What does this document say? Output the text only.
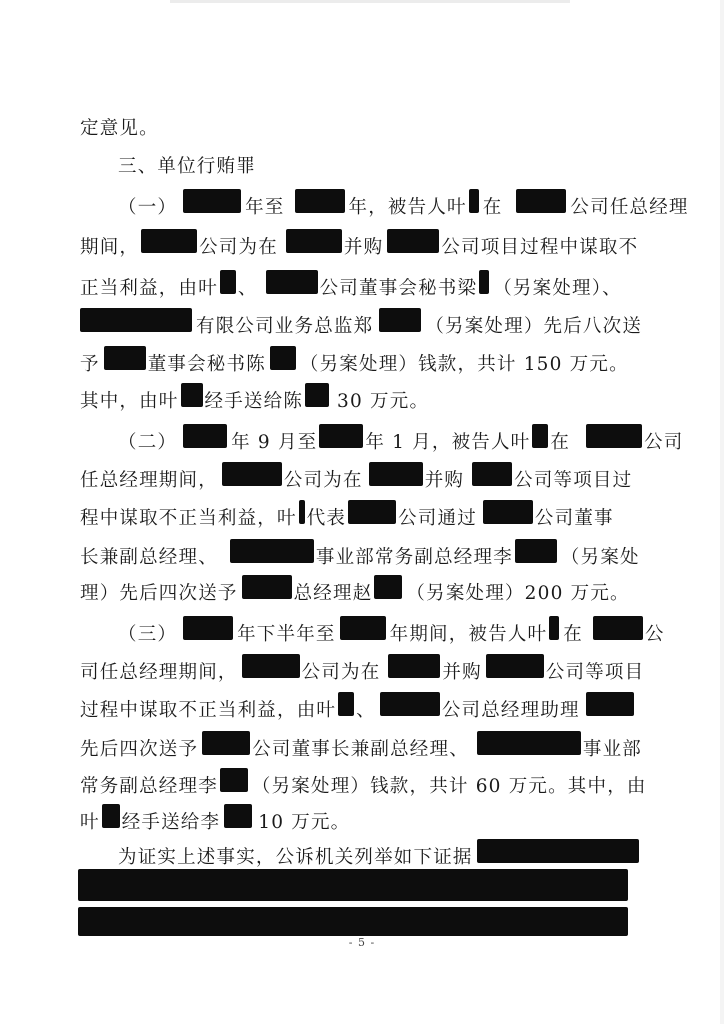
定意见。
三、单位行贿罪
（一）	年至	年，被告人叶 在	公司任总经理
期间，	公司为在	并购	公司项目过程中谋取不
正当利益，由叶 、	公司董事会秘书梁 （另案处理）、
有限公司业务总监郑	（另案处理）先后八次送
予	董事会秘书陈 （另案处理）钱款，共计 150 万元。
其中，由叶 经手送给陈 30 万元。
（二）	年 9 月至	年 1 月，被告人叶 在	公司
任总经理期间，	公司为在	并购	公司等项目过
程中谋取不正当利益，叶 代表	公司通过	公司董事
长兼副总经理、	事业部常务副总经理李	（另案处
理）先后四次送予	总经理赵 （另案处理）200 万元。
（三）	年下半年至	年期间，被告人叶 在	公
司任总经理期间，	公司为在	并购	公司等项目
过程中谋取不正当利益，由叶 、	公司总经理助理
先后四次送予	公司董事长兼副总经理、	事业部
常务副总经理李 （另案处理）钱款，共计 60 万元。其中，由
叶 经手送给李 10 万元。
为证实上述事实，公诉机关列举如下证据
- 5 -
